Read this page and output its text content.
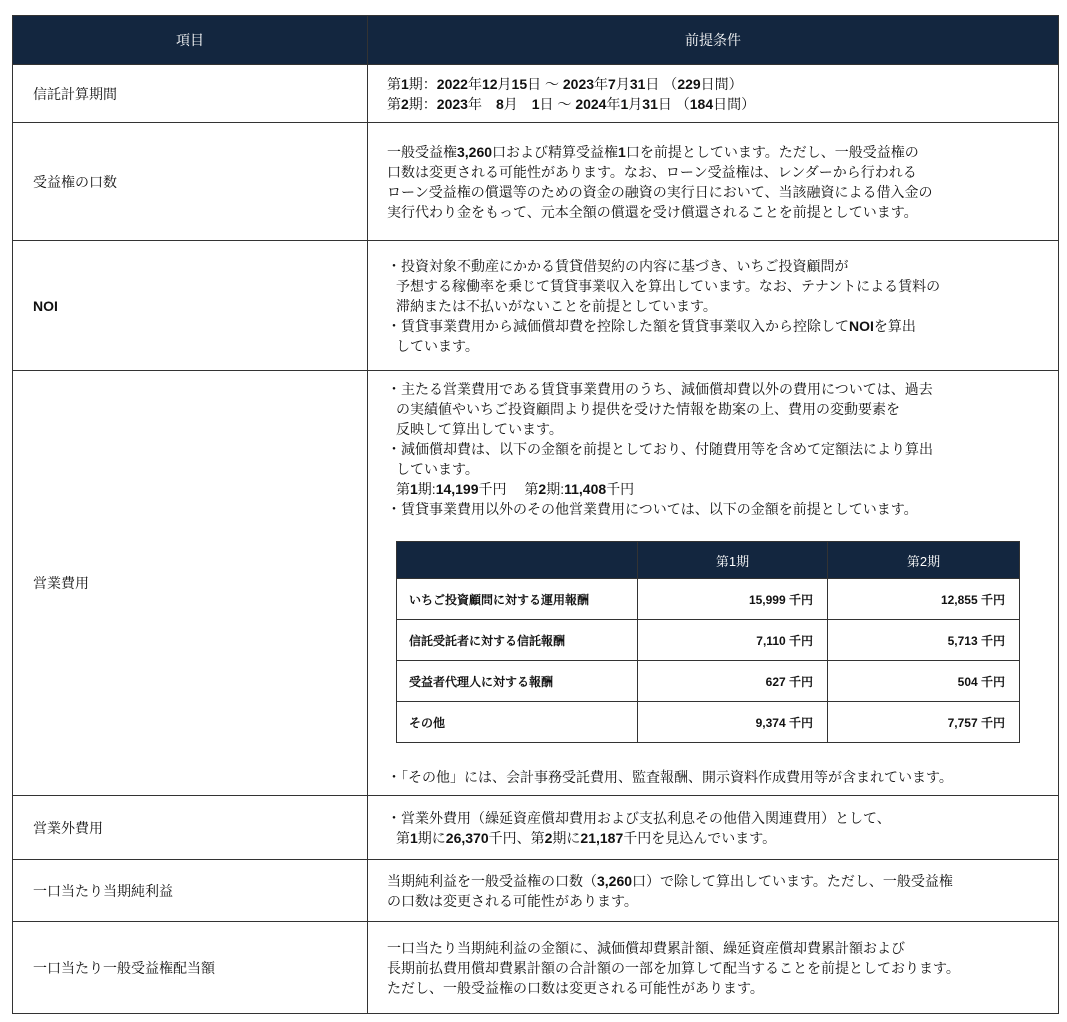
項目	前提条件
信託計算期間	
第1期：2022年12月15日 ～ 2023年7月31日 （229日間）
第2期：2023年　8月　1日 ～ 2024年1月31日 （184日間）

受益権の口数	
一般受益権3,260口および精算受益権1口を前提としています。ただし、一般受益権の
口数は変更される可能性があります。なお、ローン受益権は、レンダーから行われる
ローン受益権の償還等のための資金の融資の実行日において、当該融資による借入金の
実行代わり金をもって、元本全額の償還を受け償還されることを前提としています。

NOI	
・投資対象不動産にかかる賃貸借契約の内容に基づき、いちご投資顧問が
予想する稼働率を乗じて賃貸事業収入を算出しています。なお、テナントによる賃料の
滞納または不払いがないことを前提としています。
・賃貸事業費用から減価償却費を控除した額を賃貸事業収入から控除してNOIを算出
しています。

営業費用	
・主たる営業費用である賃貸事業費用のうち、減価償却費以外の費用については、過去
の実績値やいちご投資顧問より提供を受けた情報を勘案の上、費用の変動要素を
反映して算出しています。
・減価償却費は、以下の金額を前提としており、付随費用等を含めて定額法により算出
しています。
第1期:14,199千円　 第2期:11,408千円
・賃貸事業費用以外のその他営業費用については、以下の金額を前提としています。
	第1期	第2期
いちご投資顧問に対する運用報酬	15,999 千円	12,855 千円
信託受託者に対する信託報酬	7,110 千円	5,713 千円
受益者代理人に対する報酬	627 千円	504 千円
その他	9,374 千円	7,757 千円
・「その他」には、会計事務受託費用、監査報酬、開示資料作成費用等が含まれています。

営業外費用	
・営業外費用（繰延資産償却費用および支払利息その他借入関連費用）として、
第1期に26,370千円、第2期に21,187千円を見込んでいます。

一口当たり当期純利益	
当期純利益を一般受益権の口数（3,260口）で除して算出しています。ただし、一般受益権
の口数は変更される可能性があります。

一口当たり一般受益権配当額	
一口当たり当期純利益の金額に、減価償却費累計額、繰延資産償却費累計額および
長期前払費用償却費累計額の合計額の一部を加算して配当することを前提としております。
ただし、一般受益権の口数は変更される可能性があります。
